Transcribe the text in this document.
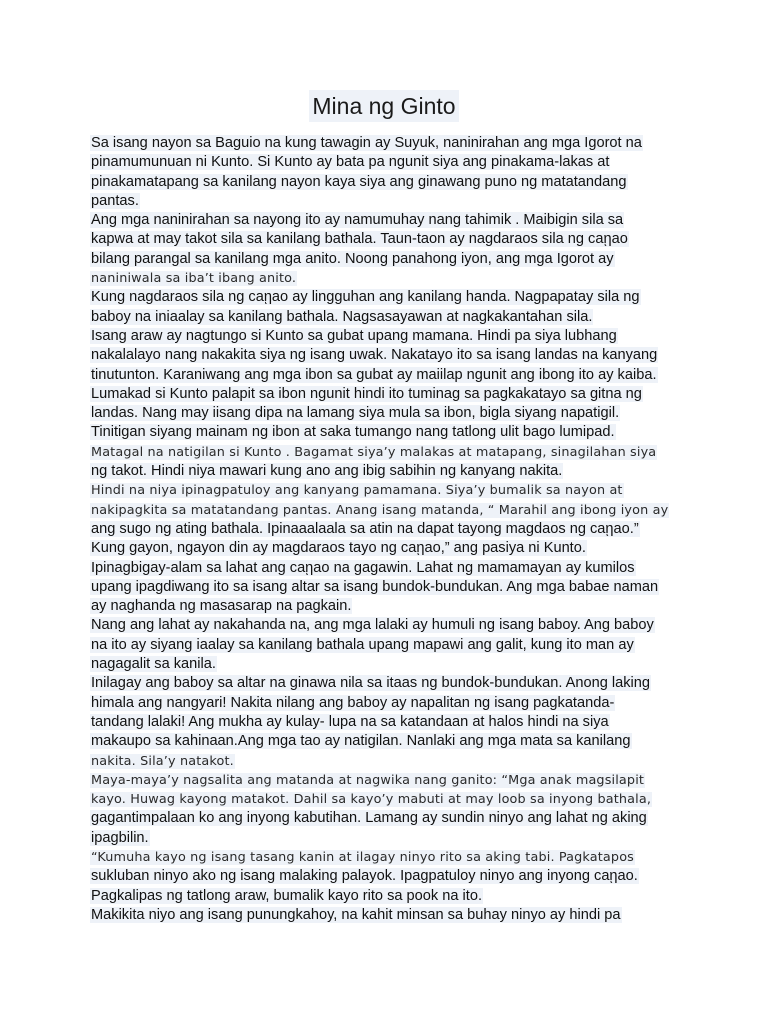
Mina ng Ginto
Sa isang nayon sa Baguio na kung tawagin ay Suyuk, naninirahan ang mga Igorot na
pinamumunuan ni Kunto. Si Kunto ay bata pa ngunit siya ang pinakama-lakas at
pinakamatapang sa kanilang nayon kaya siya ang ginawang puno ng matatandang
pantas.
Ang mga naninirahan sa nayong ito ay namumuhay nang tahimik . Maibigin sila sa
kapwa at may takot sila sa kanilang bathala. Taun-taon ay nagdaraos sila ng caῃao
bilang parangal sa kanilang mga anito. Noong panahong iyon, ang mga Igorot ay
naniniwala sa iba’t ibang anito.
Kung nagdaraos sila ng caῃao ay lingguhan ang kanilang handa. Nagpapatay sila ng
baboy na iniaalay sa kanilang bathala. Nagsasayawan at nagkakantahan sila.
Isang araw ay nagtungo si Kunto sa gubat upang mamana. Hindi pa siya lubhang
nakalalayo nang nakakita siya ng isang uwak. Nakatayo ito sa isang landas na kanyang
tinutunton. Karaniwang ang mga ibon sa gubat ay maiilap ngunit ang ibong ito ay kaiba.
Lumakad si Kunto palapit sa ibon ngunit hindi ito tuminag sa pagkakatayo sa gitna ng
landas. Nang may iisang dipa na lamang siya mula sa ibon, bigla siyang napatigil.
Tinitigan siyang mainam ng ibon at saka tumango nang tatlong ulit bago lumipad.
Matagal na natigilan si Kunto . Bagamat siya’y malakas at matapang, sinagilahan siya
ng takot. Hindi niya mawari kung ano ang ibig sabihin ng kanyang nakita.
Hindi na niya ipinagpatuloy ang kanyang pamamana. Siya’y bumalik sa nayon at
nakipagkita sa matatandang pantas. Anang isang matanda, “ Marahil ang ibong iyon ay
ang sugo ng ating bathala. Ipinaaalaala sa atin na dapat tayong magdaos ng caῃao.”
Kung gayon, ngayon din ay magdaraos tayo ng caῃao,” ang pasiya ni Kunto.
Ipinagbigay-alam sa lahat ang caῃao na gagawin. Lahat ng mamamayan ay kumilos
upang ipagdiwang ito sa isang altar sa isang bundok-bundukan. Ang mga babae naman
ay naghanda ng masasarap na pagkain.
Nang ang lahat ay nakahanda na, ang mga lalaki ay humuli ng isang baboy. Ang baboy
na ito ay siyang iaalay sa kanilang bathala upang mapawi ang galit, kung ito man ay
nagagalit sa kanila.
Inilagay ang baboy sa altar na ginawa nila sa itaas ng bundok-bundukan. Anong laking
himala ang nangyari! Nakita nilang ang baboy ay napalitan ng isang pagkatanda-
tandang lalaki! Ang mukha ay kulay- lupa na sa katandaan at halos hindi na siya
makaupo sa kahinaan.Ang mga tao ay natigilan. Nanlaki ang mga mata sa kanilang
nakita. Sila’y natakot.
Maya-maya’y nagsalita ang matanda at nagwika nang ganito: “Mga anak magsilapit
kayo. Huwag kayong matakot. Dahil sa kayo’y mabuti at may loob sa inyong bathala,
gagantimpalaan ko ang inyong kabutihan. Lamang ay sundin ninyo ang lahat ng aking
ipagbilin.
“Kumuha kayo ng isang tasang kanin at ilagay ninyo rito sa aking tabi. Pagkatapos
sukluban ninyo ako ng isang malaking palayok. Ipagpatuloy ninyo ang inyong caῃao.
Pagkalipas ng tatlong araw, bumalik kayo rito sa pook na ito.
Makikita niyo ang isang punungkahoy, na kahit minsan sa buhay ninyo ay hindi pa
